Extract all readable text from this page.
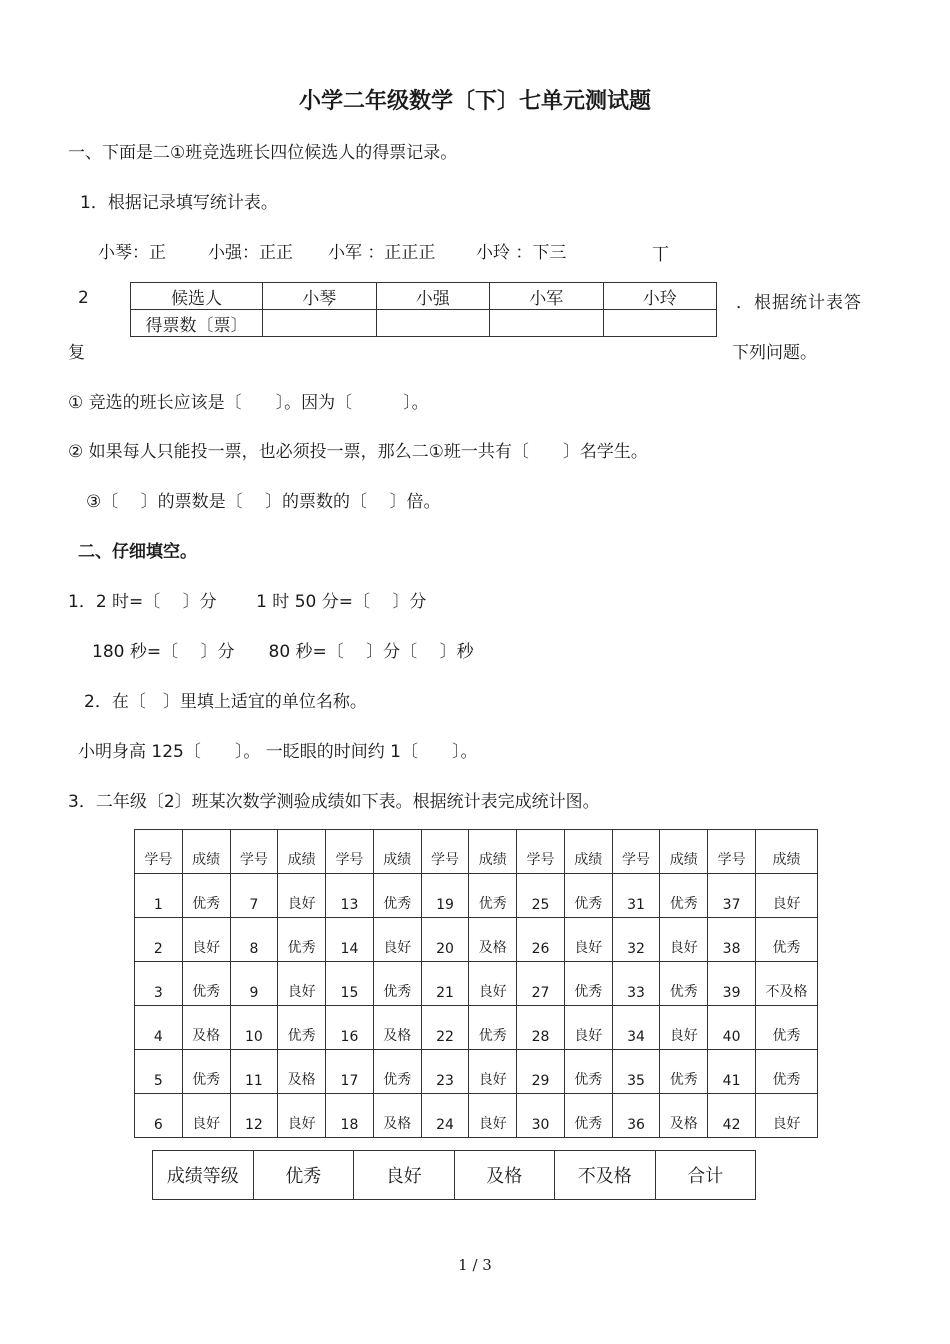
小学二年级数学〔下〕七单元测试题
一、下面是二①班竞选班长四位候选人的得票记录。
1．根据记录填写统计表。
小琴：正 小强：正正 小军 ：正正正 小玲 ：下三	丅
2	．根据统计表答
复	下列问题。
候选人	小琴	小强	小军	小玲
得票数〔票〕				
① 竞选的班长应该是〔　　〕。因为〔　　　〕。
② 如果每人只能投一票，也必须投一票，那么二①班一共有〔　　〕名学生。
③〔　 〕的票数是〔　 〕的票数的〔　 〕倍。
二、仔细填空。
1．2 时=〔　 〕分　　 1 时 50 分=〔　 〕分
180 秒=〔　 〕分　　80 秒=〔　 〕分〔　 〕秒
2．在〔　〕里填上适宜的单位名称。
小明身高 125〔　　〕。 一眨眼的时间约 1〔　　〕。
3．二年级〔2〕班某次数学测验成绩如下表。根据统计表完成统计图。
学号	成绩	学号	成绩	学号	成绩	学号	成绩	学号	成绩	学号	成绩	学号	成绩
1	优秀	7	良好	13	优秀	19	优秀	25	优秀	31	优秀	37	良好
2	良好	8	优秀	14	良好	20	及格	26	良好	32	良好	38	优秀
3	优秀	9	良好	15	优秀	21	良好	27	优秀	33	优秀	39	不及格
4	及格	10	优秀	16	及格	22	优秀	28	良好	34	良好	40	优秀
5	优秀	11	及格	17	优秀	23	良好	29	优秀	35	优秀	41	优秀
6	良好	12	良好	18	及格	24	良好	30	优秀	36	及格	42	良好
成绩等级	优秀	良好	及格	不及格	合计
1 / 3
